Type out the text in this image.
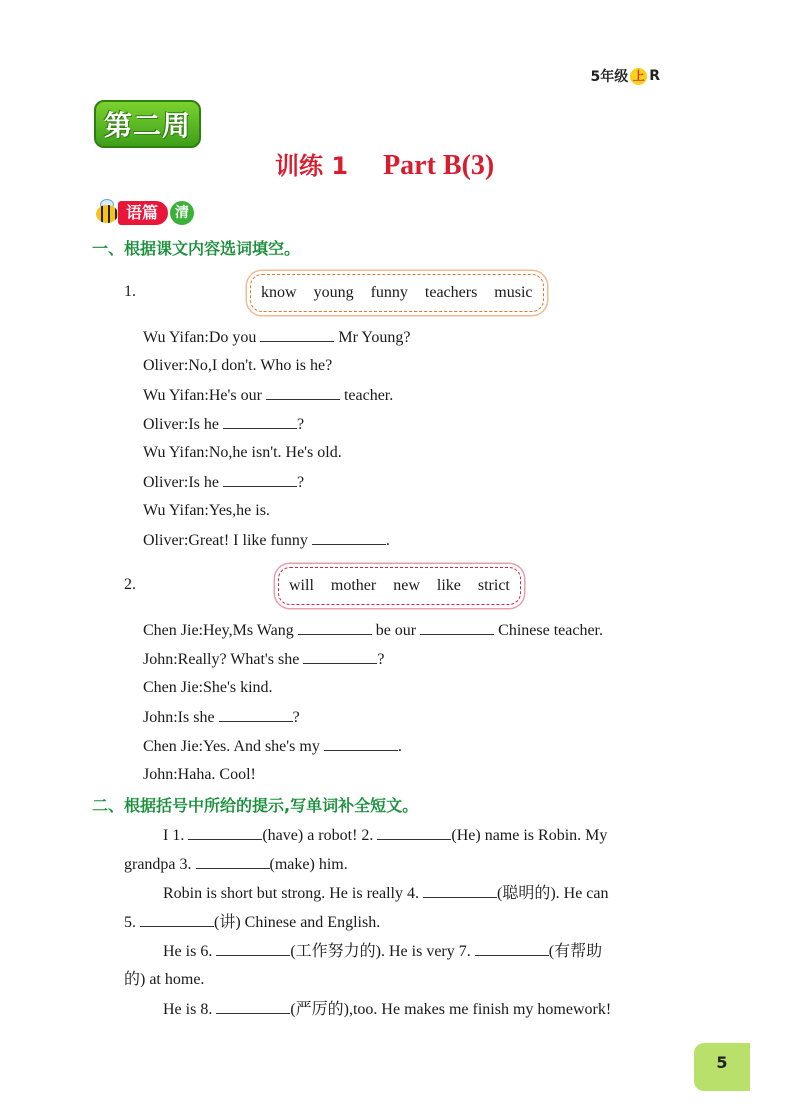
5年级 上 R
第二周
训练 1 Part B(3)
语篇	清
一、根据课文内容选词填空。
1.	know young funny teachers music
Wu Yifan:Do you	Mr Young?
Oliver:No,I don't. Who is he?
Wu Yifan:He's our	teacher.
Oliver:Is he	?
Wu Yifan:No,he isn't. He's old.
Oliver:Is he	?
Wu Yifan:Yes,he is.
Oliver:Great! I like funny	.
2.	will mother new like strict
Chen Jie:Hey,Ms Wang	be our	Chinese teacher.
John:Really? What's she	?
Chen Jie:She's kind.
John:Is she	?
Chen Jie:Yes. And she's my	.
John:Haha. Cool!
二、根据括号中所给的提示,写单词补全短文。
I 1.	(have) a robot! 2.	(He) name is Robin. My
grandpa 3.	(make) him.
Robin is short but strong. He is really 4.	(聪明的). He can
5.	(讲) Chinese and English.
He is 6.	(工作努力的). He is very 7.	(有帮助
的) at home.
He is 8.	(严厉的),too. He makes me finish my homework!
5
